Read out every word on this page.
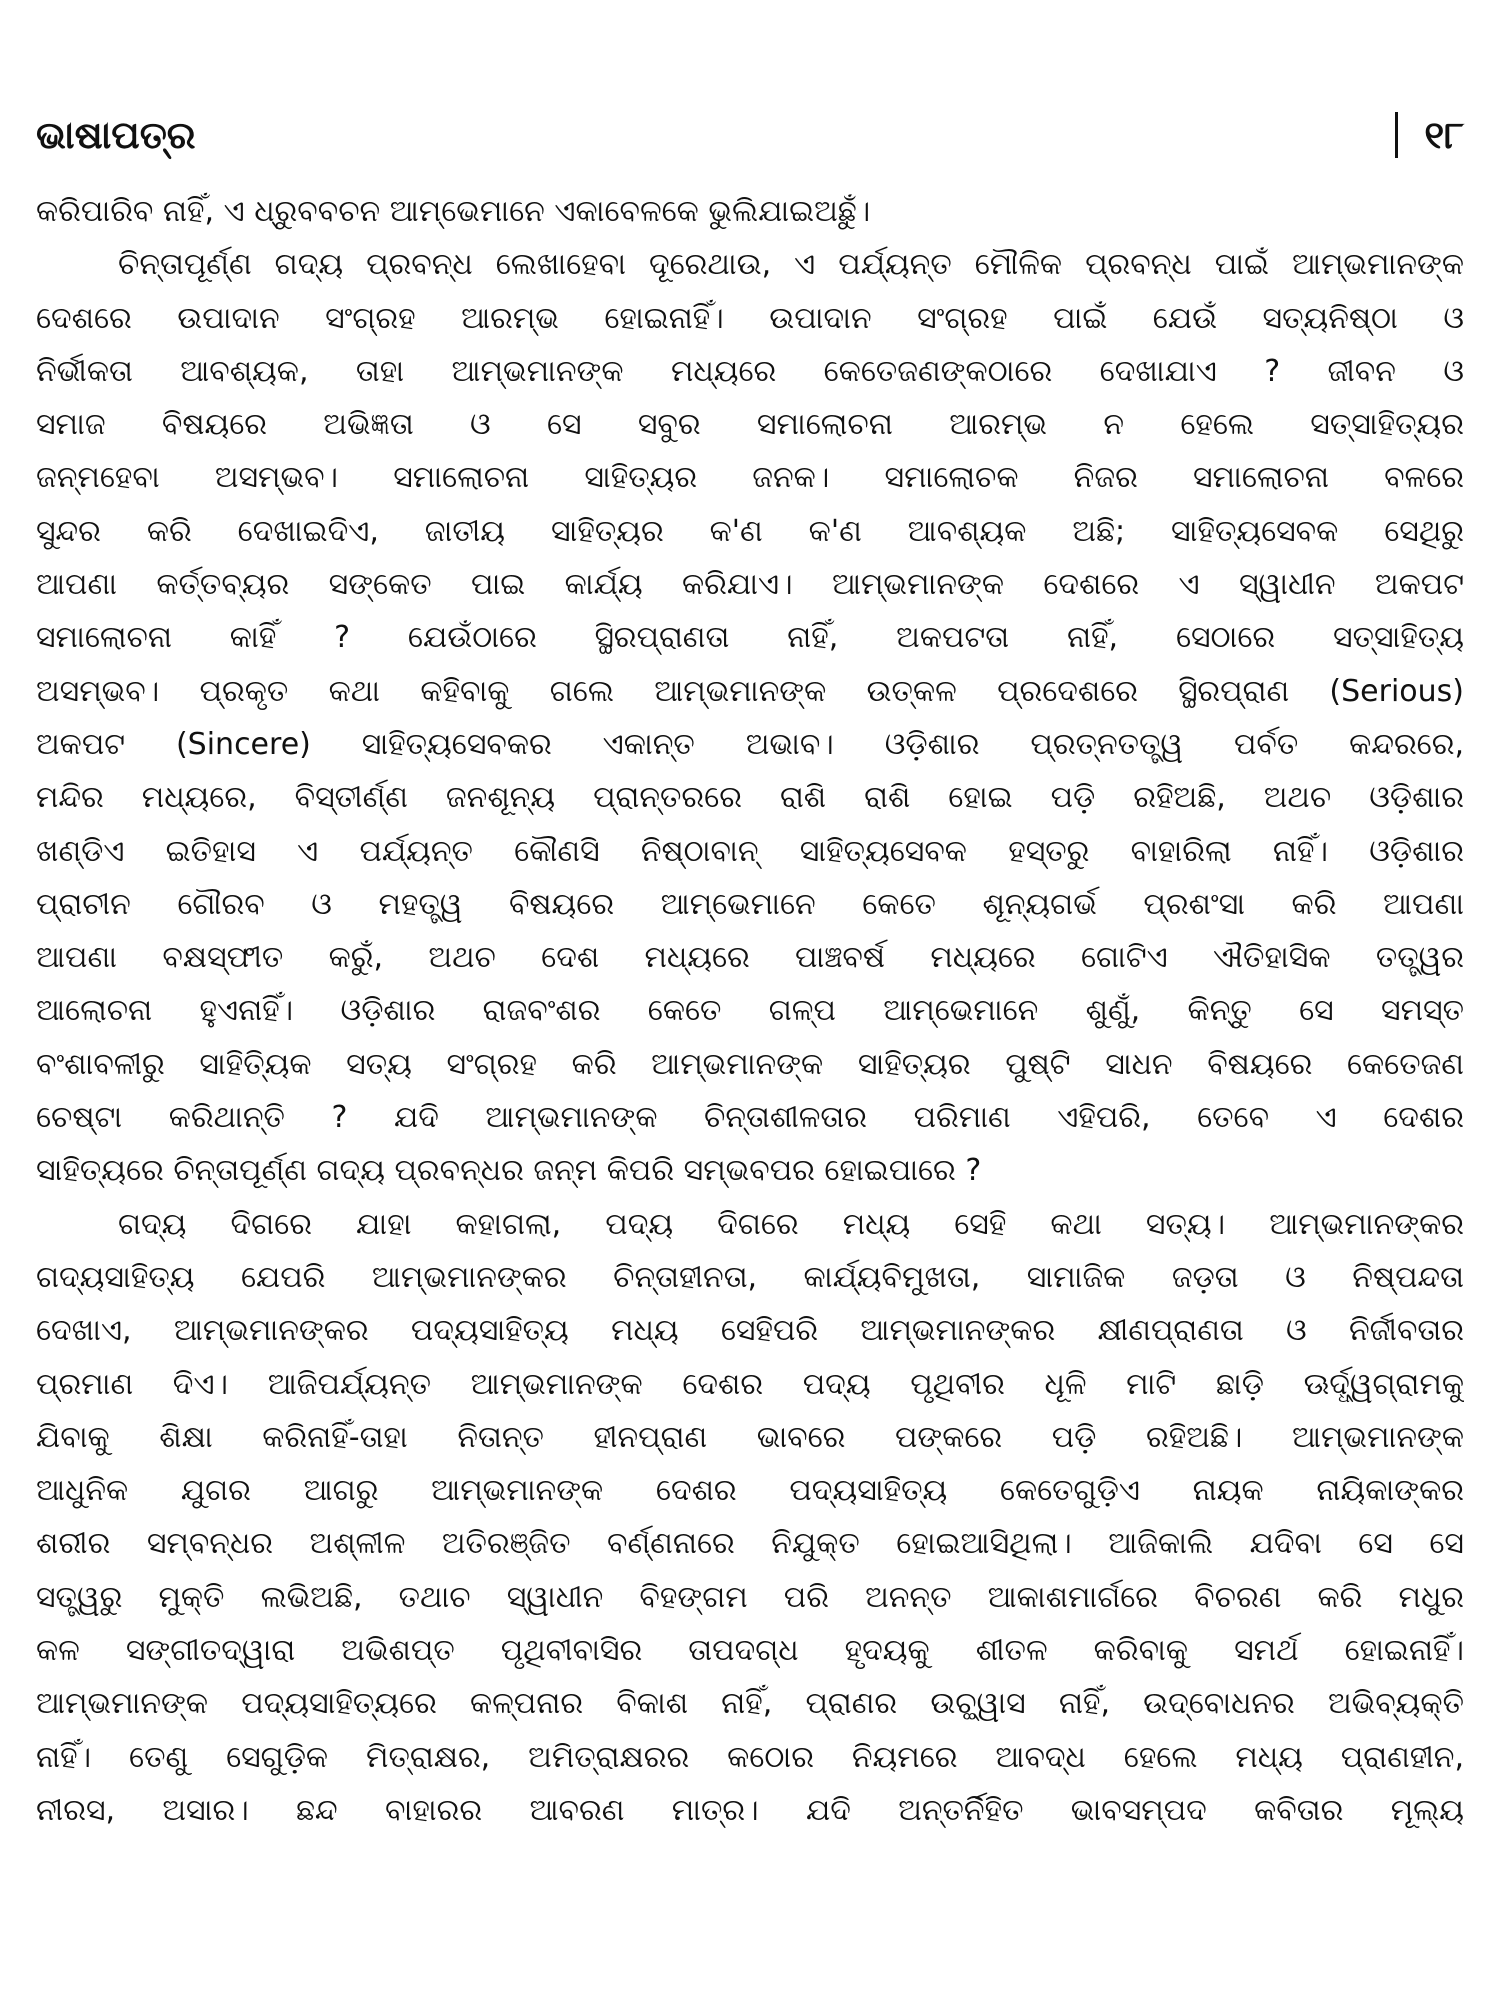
ଭାଷାପତ୍ର	୧୮
କରିପାରିବ ନାହିଁ, ଏ ଧ୍ରୁବବଚନ ଆମ୍ଭେମାନେ ଏକାବେଳକେ ଭୁଲିଯାଇଅଛୁଁ।
ଚିନ୍ତାପୂର୍ଣ୍ଣ ଗଦ୍ୟ ପ୍ରବନ୍ଧ ଲେଖାହେବା ଦୂରେଥାଉ, ଏ ପର୍ଯ୍ୟନ୍ତ ମୌଳିକ ପ୍ରବନ୍ଧ ପାଇଁ ଆମ୍ଭମାନଙ୍କ
ଦେଶରେ ଉପାଦାନ ସଂଗ୍ରହ ଆରମ୍ଭ ହୋଇନାହିଁ। ଉପାଦାନ ସଂଗ୍ରହ ପାଇଁ ଯେଉଁ ସତ୍ୟନିଷ୍ଠା ଓ
ନିର୍ଭୀକତା ଆବଶ୍ୟକ, ତାହା ଆମ୍ଭମାନଙ୍କ ମଧ୍ୟରେ କେତେଜଣଙ୍କଠାରେ ଦେଖାଯାଏ ? ଜୀବନ ଓ
ସମାଜ ବିଷୟରେ ଅଭିଜ୍ଞତା ଓ ସେ ସବୁର ସମାଲୋଚନା ଆରମ୍ଭ ନ ହେଲେ ସତ୍‌ସାହିତ୍ୟର
ଜନ୍ମହେବା ଅସମ୍ଭବ। ସମାଲୋଚନା ସାହିତ୍ୟର ଜନକ। ସମାଲୋଚକ ନିଜର ସମାଲୋଚନା ବଳରେ
ସୁନ୍ଦର କରି ଦେଖାଇଦିଏ, ଜାତୀୟ ସାହିତ୍ୟର କ'ଣ କ'ଣ ଆବଶ୍ୟକ ଅଛି; ସାହିତ୍ୟସେବକ ସେଥିରୁ
ଆପଣା କର୍ତ୍ତବ୍ୟର ସଙ୍କେତ ପାଇ କାର୍ଯ୍ୟ କରିଯାଏ। ଆମ୍ଭମାନଙ୍କ ଦେଶରେ ଏ ସ୍ୱାଧୀନ ଅକପଟ
ସମାଲୋଚନା କାହିଁ ? ଯେଉଁଠାରେ ସ୍ଥିରପ୍ରାଣତା ନାହିଁ, ଅକପଟତା ନାହିଁ, ସେଠାରେ ସତ୍‌ସାହିତ୍ୟ
ଅସମ୍ଭବ। ପ୍ରକୃତ କଥା କହିବାକୁ ଗଲେ ଆମ୍ଭମାନଙ୍କ ଉତ୍କଳ ପ୍ରଦେଶରେ ସ୍ଥିରପ୍ରାଣ (Serious)
ଅକପଟ (Sincere) ସାହିତ୍ୟସେବକର ଏକାନ୍ତ ଅଭାବ। ଓଡ଼ିଶାର ପ୍ରତ୍ନତତ୍ତ୍ୱ ପର୍ବତ କନ୍ଦରରେ,
ମନ୍ଦିର ମଧ୍ୟରେ, ବିସ୍ତୀର୍ଣ୍ଣ ଜନଶୂନ୍ୟ ପ୍ରାନ୍ତରରେ ରାଶି ରାଶି ହୋଇ ପଡ଼ି ରହିଅଛି, ଅଥଚ ଓଡ଼ିଶାର
ଖଣ୍ଡିଏ ଇତିହାସ ଏ ପର୍ଯ୍ୟନ୍ତ କୌଣସି ନିଷ୍ଠାବାନ୍ ସାହିତ୍ୟସେବକ ହସ୍ତରୁ ବାହାରିଲା ନାହିଁ। ଓଡ଼ିଶାର
ପ୍ରାଚୀନ ଗୌରବ ଓ ମହତ୍ତ୍ୱ ବିଷୟରେ ଆମ୍ଭେମାନେ କେତେ ଶୂନ୍ୟଗର୍ଭ ପ୍ରଶଂସା କରି ଆପଣା
ଆପଣା ବକ୍ଷସ୍ଫୀତ କରୁଁ, ଅଥଚ ଦେଶ ମଧ୍ୟରେ ପାଞ୍ଚବର୍ଷ ମଧ୍ୟରେ ଗୋଟିଏ ଐତିହାସିକ ତତ୍ତ୍ୱର
ଆଲୋଚନା ହୁଏନାହିଁ। ଓଡ଼ିଶାର ରାଜବଂଶର କେତେ ଗଳ୍ପ ଆମ୍ଭେମାନେ ଶୁଣୁଁ, କିନ୍ତୁ ସେ ସମସ୍ତ
ବଂଶାବଳୀରୁ ସାହିତ୍ୟିକ ସତ୍ୟ ସଂଗ୍ରହ କରି ଆମ୍ଭମାନଙ୍କ ସାହିତ୍ୟର ପୁଷ୍ଟି ସାଧନ ବିଷୟରେ କେତେଜଣ
ଚେଷ୍ଟା କରିଥାନ୍ତି ? ଯଦି ଆମ୍ଭମାନଙ୍କ ଚିନ୍ତାଶୀଳତାର ପରିମାଣ ଏହିପରି, ତେବେ ଏ ଦେଶର
ସାହିତ୍ୟରେ ଚିନ୍ତାପୂର୍ଣ୍ଣ ଗଦ୍ୟ ପ୍ରବନ୍ଧର ଜନ୍ମ କିପରି ସମ୍ଭବପର ହୋଇପାରେ ?
ଗଦ୍ୟ ଦିଗରେ ଯାହା କହାଗଲା, ପଦ୍ୟ ଦିଗରେ ମଧ୍ୟ ସେହି କଥା ସତ୍ୟ। ଆମ୍ଭମାନଙ୍କର
ଗଦ୍ୟସାହିତ୍ୟ ଯେପରି ଆମ୍ଭମାନଙ୍କର ଚିନ୍ତାହୀନତା, କାର୍ଯ୍ୟବିମୁଖତା, ସାମାଜିକ ଜଡ଼ତା ଓ ନିଷ୍ପନ୍ଦତା
ଦେଖାଏ, ଆମ୍ଭମାନଙ୍କର ପଦ୍ୟସାହିତ୍ୟ ମଧ୍ୟ ସେହିପରି ଆମ୍ଭମାନଙ୍କର କ୍ଷୀଣପ୍ରାଣତା ଓ ନିର୍ଜୀବତାର
ପ୍ରମାଣ ଦିଏ। ଆଜିପର୍ଯ୍ୟନ୍ତ ଆମ୍ଭମାନଙ୍କ ଦେଶର ପଦ୍ୟ ପୃଥିବୀର ଧୂଳି ମାଟି ଛାଡ଼ି ଊର୍ଦ୍ଧ୍ୱଗ୍ରାମକୁ
ଯିବାକୁ ଶିକ୍ଷା କରିନାହିଁ-ତାହା ନିତାନ୍ତ ହୀନପ୍ରାଣ ଭାବରେ ପଙ୍କରେ ପଡ଼ି ରହିଅଛି। ଆମ୍ଭମାନଙ୍କ
ଆଧୁନିକ ଯୁଗର ଆଗରୁ ଆମ୍ଭମାନଙ୍କ ଦେଶର ପଦ୍ୟସାହିତ୍ୟ କେତେଗୁଡ଼ିଏ ନାୟକ ନାୟିକାଙ୍କର
ଶରୀର ସମ୍ବନ୍ଧର ଅଶ୍ଳୀଳ ଅତିରଞ୍ଜିତ ବର୍ଣ୍ଣନାରେ ନିଯୁକ୍ତ ହୋଇଆସିଥିଲା। ଆଜିକାଲି ଯଦିବା ସେ ସେ
ସତ୍ତ୍ୱରୁ ମୁକ୍ତି ଲଭିଅଛି, ତଥାଚ ସ୍ୱାଧୀନ ବିହଙ୍ଗମ ପରି ଅନନ୍ତ ଆକାଶମାର୍ଗରେ ବିଚରଣ କରି ମଧୁର
କଳ ସଙ୍ଗୀତଦ୍ୱାରା ଅଭିଶପ୍ତ ପୃଥିବୀବାସିର ତାପଦଗ୍ଧ ହୃଦୟକୁ ଶୀତଳ କରିବାକୁ ସମର୍ଥ ହୋଇନାହିଁ।
ଆମ୍ଭମାନଙ୍କ ପଦ୍ୟସାହିତ୍ୟରେ କଳ୍ପନାର ବିକାଶ ନାହିଁ, ପ୍ରାଣର ଉଚ୍ଛ୍ୱାସ ନାହିଁ, ଉଦ୍‌ବୋଧନର ଅଭିବ୍ୟକ୍ତି
ନାହିଁ। ତେଣୁ ସେଗୁଡ଼ିକ ମିତ୍ରାକ୍ଷର, ଅମିତ୍ରାକ୍ଷରର କଠୋର ନିୟମରେ ଆବଦ୍ଧ ହେଲେ ମଧ୍ୟ ପ୍ରାଣହୀନ,
ନୀରସ, ଅସାର। ଛନ୍ଦ ବାହାରର ଆବରଣ ମାତ୍ର। ଯଦି ଅନ୍ତର୍ନିହିତ ଭାବସମ୍ପଦ କବିତାର ମୂଲ୍ୟ
